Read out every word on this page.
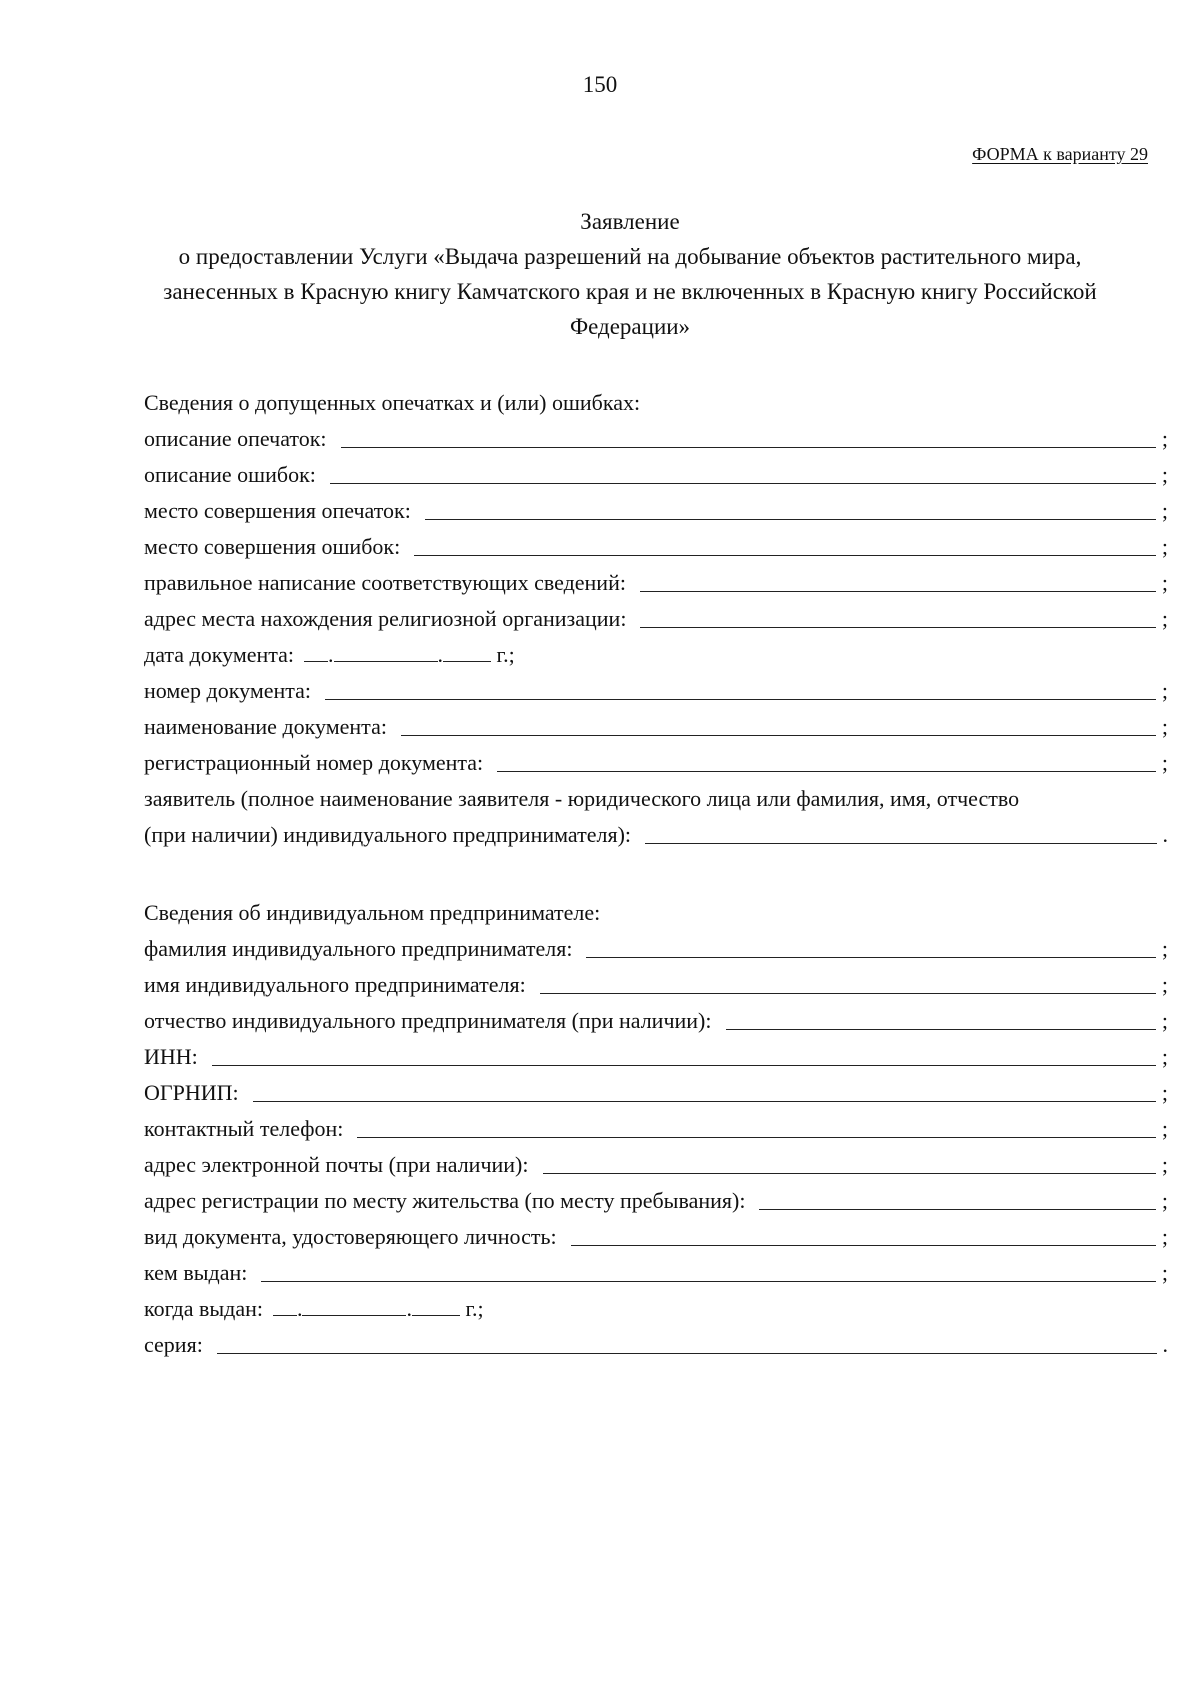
150
ФОРМА к варианту 29
Заявление
о предоставлении Услуги «Выдача разрешений на добывание объектов растительного мира,
занесенных в Красную книгу Камчатского края и не включенных в Красную книгу Российской
Федерации»
Сведения о допущенных опечатках и (или) ошибках:
описание опечаток:	;
описание ошибок:	;
место совершения опечаток:	;
место совершения ошибок:	;
правильное написание соответствующих сведений:	;
адрес места нахождения религиозной организации:	;
дата документа:	.	. г.;
номер документа:	;
наименование документа:	;
регистрационный номер документа:	;
заявитель (полное наименование заявителя - юридического лица или фамилия, имя, отчество
(при наличии) индивидуального предпринимателя):	.
Сведения об индивидуальном предпринимателе:
фамилия индивидуального предпринимателя:	;
имя индивидуального предпринимателя:	;
отчество индивидуального предпринимателя (при наличии):	;
ИНН:	;
ОГРНИП:	;
контактный телефон:	;
адрес электронной почты (при наличии):	;
адрес регистрации по месту жительства (по месту пребывания):	;
вид документа, удостоверяющего личность:	;
кем выдан:	;
когда выдан:	.	. г.;
серия:	.
